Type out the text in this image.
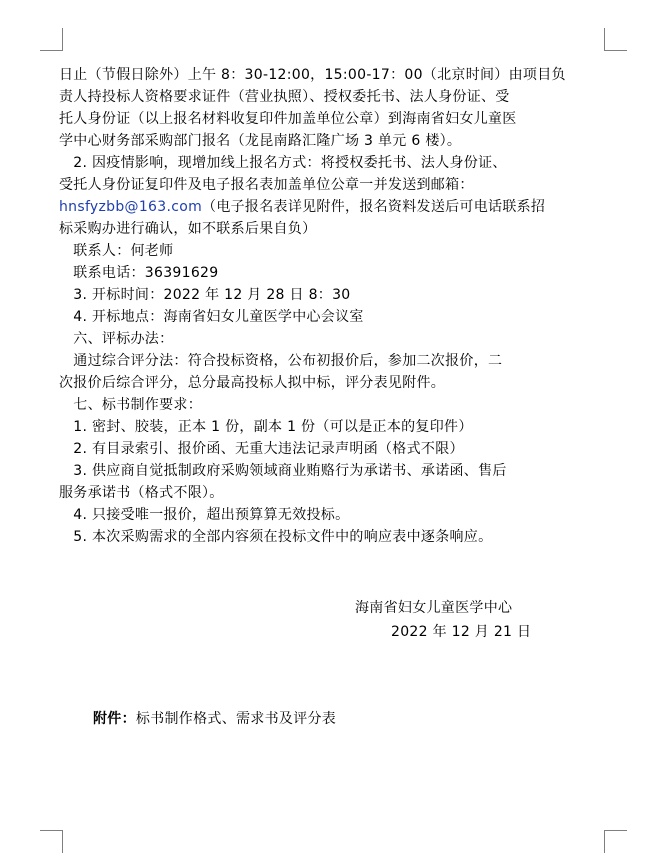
日止（节假日除外）上午 8：30-12:00，15:00-17：00（北京时间）由项目负
责人持投标人资格要求证件（营业执照）、授权委托书、法人身份证、受
托人身份证（以上报名材料收复印件加盖单位公章）到海南省妇女儿童医
学中心财务部采购部门报名（龙昆南路汇隆广场 3 单元 6 楼）。
　2. 因疫情影响，现增加线上报名方式：将授权委托书、法人身份证、
受托人身份证复印件及电子报名表加盖单位公章一并发送到邮箱：
hnsfyzbb@163.com（电子报名表详见附件，报名资料发送后可电话联系招
标采购办进行确认，如不联系后果自负）
　联系人：何老师
　联系电话：36391629
　3. 开标时间：2022 年 12 月 28 日 8：30
　4. 开标地点：海南省妇女儿童医学中心会议室
　六、评标办法：
　通过综合评分法：符合投标资格，公布初报价后，参加二次报价，二
次报价后综合评分，总分最高投标人拟中标，评分表见附件。
　七、标书制作要求：
　1. 密封、胶装，正本 1 份，副本 1 份（可以是正本的复印件）
　2. 有目录索引、报价函、无重大违法记录声明函（格式不限）
　3. 供应商自觉抵制政府采购领域商业贿赂行为承诺书、承诺函、售后
服务承诺书（格式不限）。
　4. 只接受唯一报价，超出预算算无效投标。
　5. 本次采购需求的全部内容须在投标文件中的响应表中逐条响应。
海南省妇女儿童医学中心
2022 年 12 月 21 日
附件：标书制作格式、需求书及评分表
